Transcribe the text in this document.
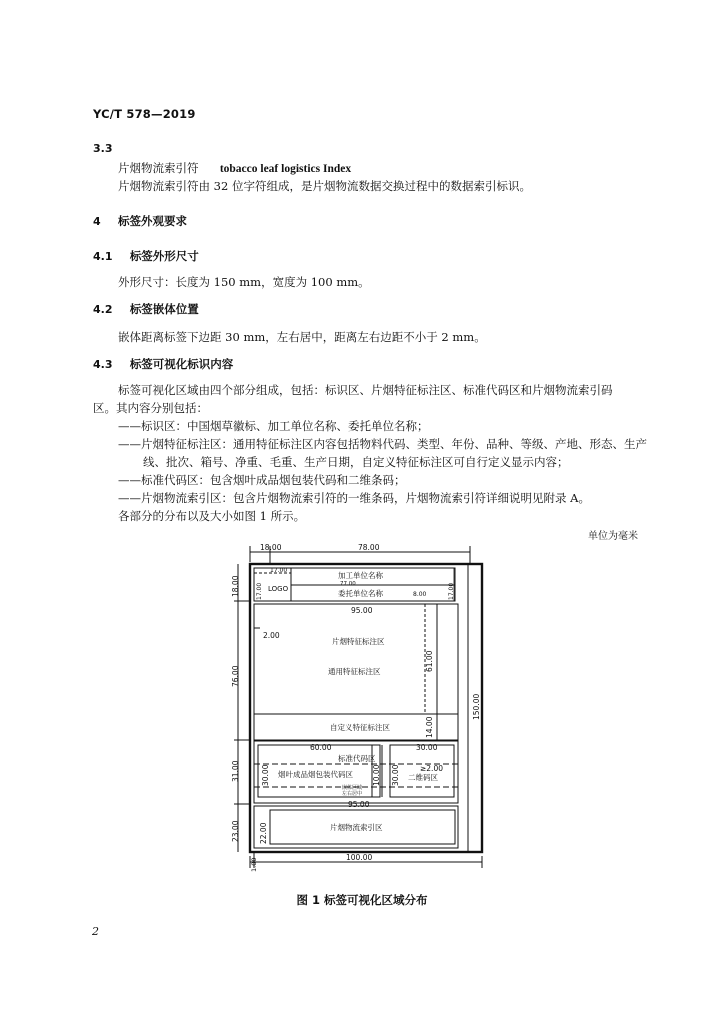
YC/T 578—2019
3.3
片烟物流索引符 tobacco leaf logistics Index
片烟物流索引符由 32 位字符组成，是片烟物流数据交换过程中的数据索引标识。
4 标签外观要求
4.1 标签外形尺寸
外形尺寸：长度为 150 mm，宽度为 100 mm。
4.2 标签嵌体位置
嵌体距离标签下边距 30 mm，左右居中，距离左右边距不小于 2 mm。
4.3 标签可视化标识内容
标签可视化区域由四个部分组成，包括：标识区、片烟特征标注区、标准代码区和片烟物流索引码
区。其内容分别包括：
——标识区：中国烟草徽标、加工单位名称、委托单位名称；
——片烟特征标注区：通用特征标注区内容包括物料代码、类型、年份、品种、等级、产地、形态、生产
线、批次、箱号、净重、毛重、生产日期，自定义特征标注区可自行定义显示内容；
——标准代码区：包含烟叶成品烟包装代码和二维条码；
——片烟物流索引区：包含片烟物流索引符的一维条码，片烟物流索引符详细说明见附录 A。
各部分的分布以及大小如图 1 所示。
单位为毫米
18.00	78.00
17.00
LOGO
加工单位名称
77.00
委托单位名称	8.00
95.00
2.00
片烟特征标注区
通用特征标注区
自定义特征标注区
60.00	30.00
标准代码区
烟叶成品烟包装代码区
≥2.00
二维码区
嵌体区域
左右居中
95.00
片烟物流索引区
100.00
18.00	17.00	17.00
76.00
61.00
150.00
14.00
31.00	30.00	10.00 30.00
23.00	22.00
1.00
图 1 标签可视化区域分布
2
